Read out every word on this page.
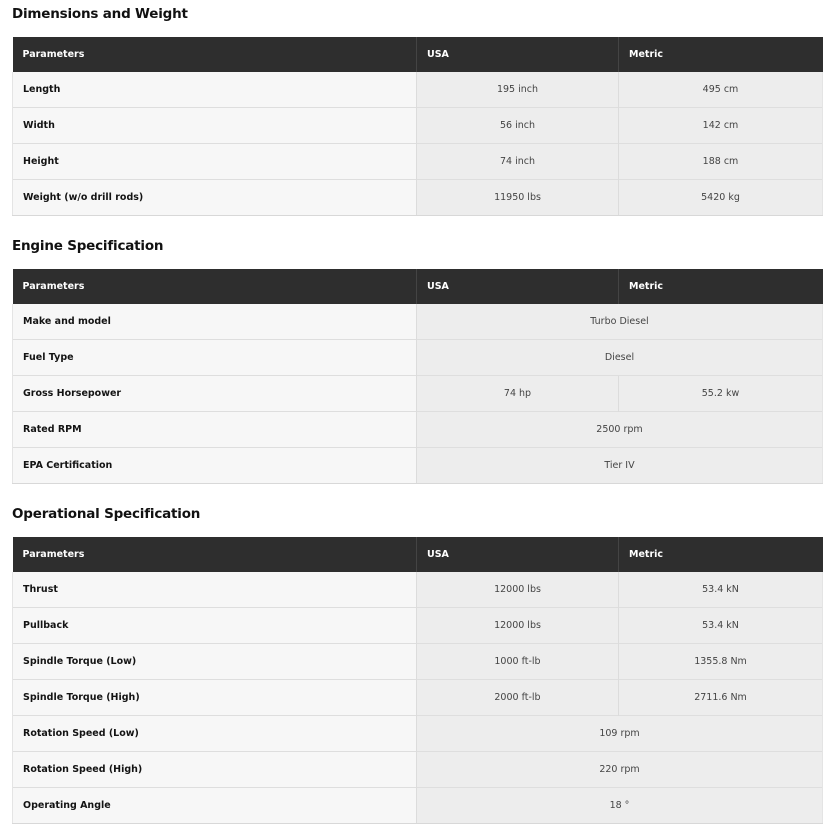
Dimensions and Weight
Parameters	USA	Metric
Length	195 inch	495 cm
Width	56 inch	142 cm
Height	74 inch	188 cm
Weight (w/o drill rods)	11950 lbs	5420 kg
Engine Specification
Parameters	USA	Metric
Make and model	Turbo Diesel	
Fuel Type	Diesel	
Gross Horsepower	74 hp	55.2 kw
Rated RPM	2500 rpm	
EPA Certification	Tier IV	
Operational Specification
Parameters	USA	Metric
Thrust	12000 lbs	53.4 kN
Pullback	12000 lbs	53.4 kN
Spindle Torque (Low)	1000 ft-lb	1355.8 Nm
Spindle Torque (High)	2000 ft-lb	2711.6 Nm
Rotation Speed (Low)	109 rpm	
Rotation Speed (High)	220 rpm	
Operating Angle	18 °	
